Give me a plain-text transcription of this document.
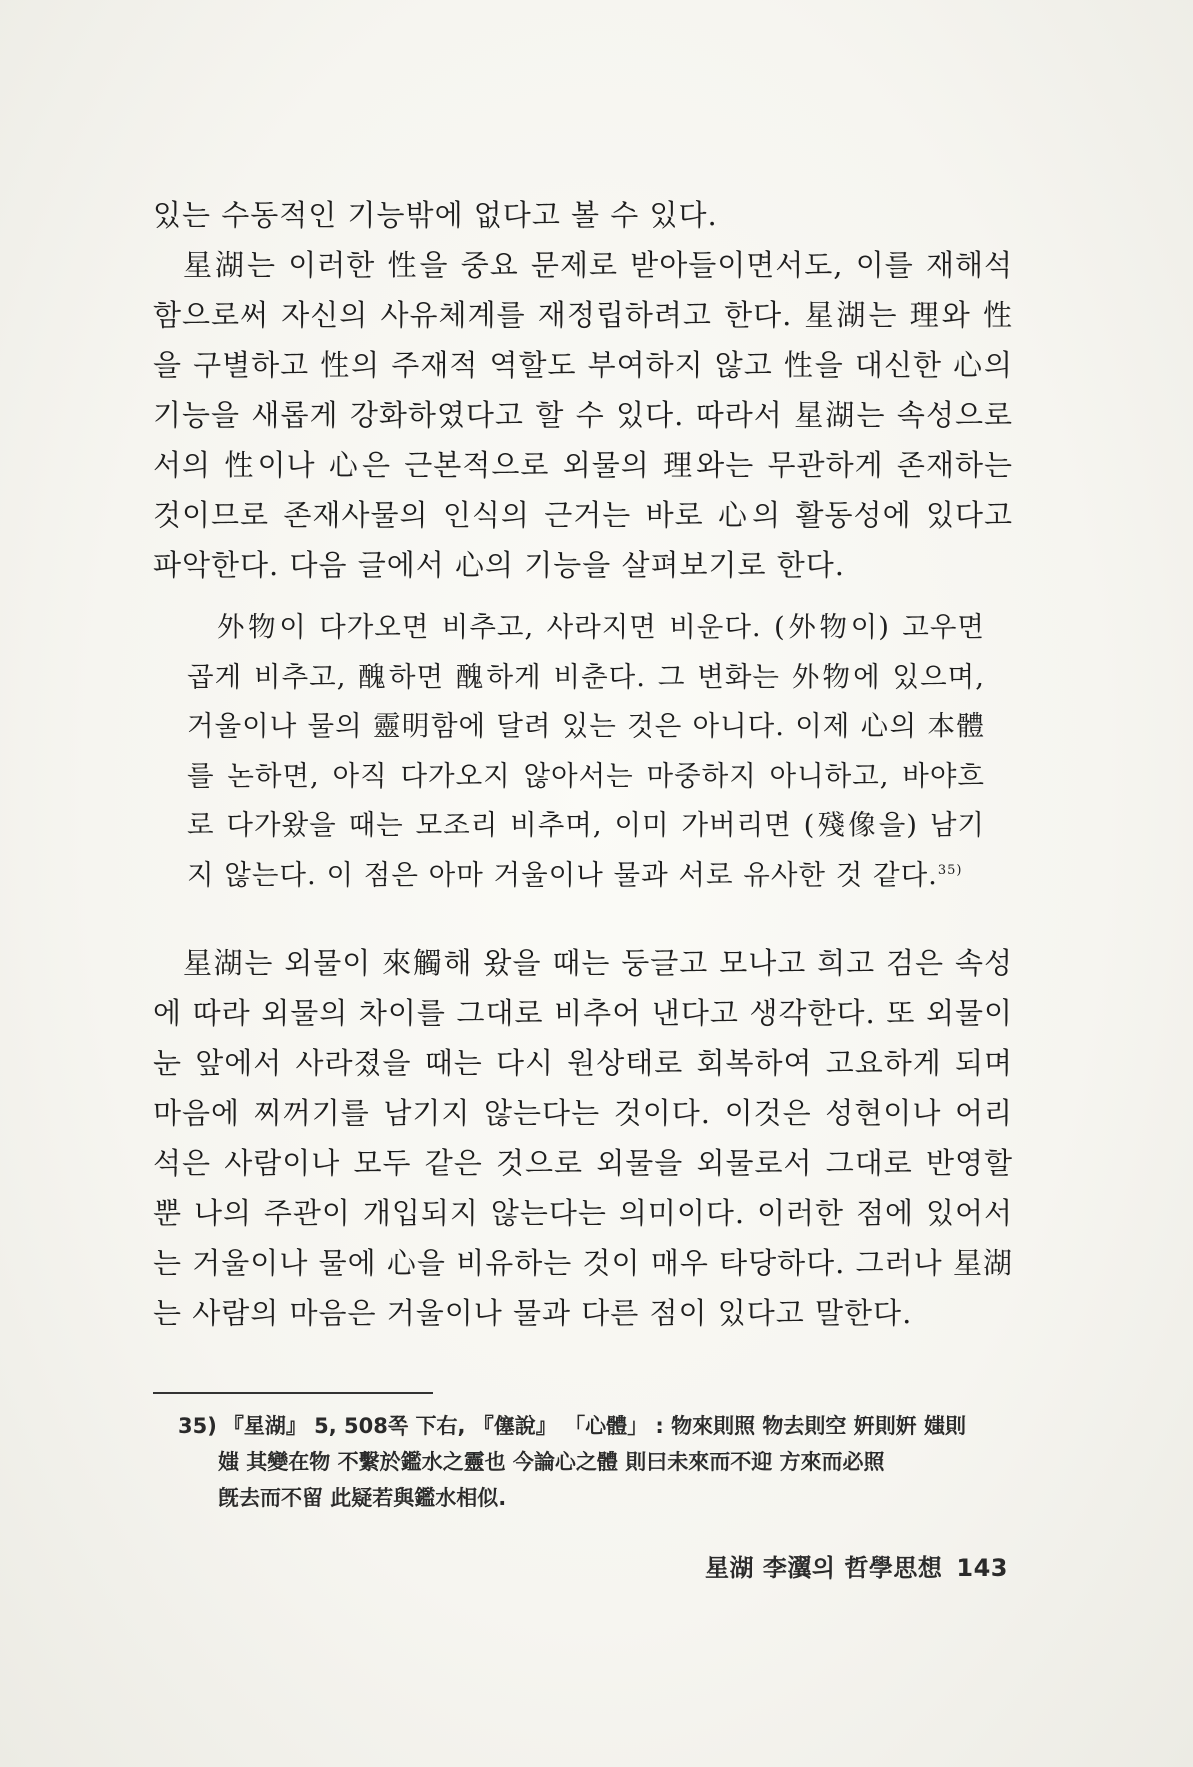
있는 수동적인 기능밖에 없다고 볼 수 있다.

星湖는 이러한 性을 중요 문제로 받아들이면서도, 이를 재해석함으로써 자신의 사유체계를 재정립하려고 한다. 星湖는 理와 性을 구별하고 性의 주재적 역할도 부여하지 않고 性을 대신한 心의 기능을 새롭게 강화하였다고 할 수 있다. 따라서 星湖는 속성으로서의 性이나 心은 근본적으로 외물의 理와는 무관하게 존재하는 것이므로 존재사물의 인식의 근거는 바로 心의 활동성에 있다고 파악한다. 다음 글에서 心의 기능을 살펴보기로 한다.

外物이 다가오면 비추고, 사라지면 비운다. (外物이) 고우면 곱게 비추고, 醜하면 醜하게 비춘다. 그 변화는 外物에 있으며, 거울이나 물의 靈明함에 달려 있는 것은 아니다. 이제 心의 本體를 논하면, 아직 다가오지 않아서는 마중하지 아니하고, 바야흐로 다가왔을 때는 모조리 비추며, 이미 가버리면 (殘像을) 남기지 않는다. 이 점은 아마 거울이나 물과 서로 유사한 것 같다.$^{35)}$

星湖는 외물이 來觸해 왔을 때는 둥글고 모나고 희고 검은 속성에 따라 외물의 차이를 그대로 비추어 낸다고 생각한다. 또 외물이 눈 앞에서 사라졌을 때는 다시 원상태로 회복하여 고요하게 되며 마음에 찌꺼기를 남기지 않는다는 것이다. 이것은 성현이나 어리석은 사람이나 모두 같은 것으로 외물을 외물로서 그대로 반영할 뿐 나의 주관이 개입되지 않는다는 의미이다. 이러한 점에 있어서는 거울이나 물에 心을 비유하는 것이 매우 타당하다. 그러나 星湖는 사람의 마음은 거울이나 물과 다른 점이 있다고 말한다.

35) 『星湖』 5, 508쪽 下右, 『僿說』 「心體」 : 物來則照 物去則空 姸則姸 媸則
媸 其變在物 不繫於鑑水之靈也 今論心之體 則曰未來而不迎 方來而必照
旣去而不留 此疑若與鑑水相似.
星湖 李瀷의 哲學思想 143
